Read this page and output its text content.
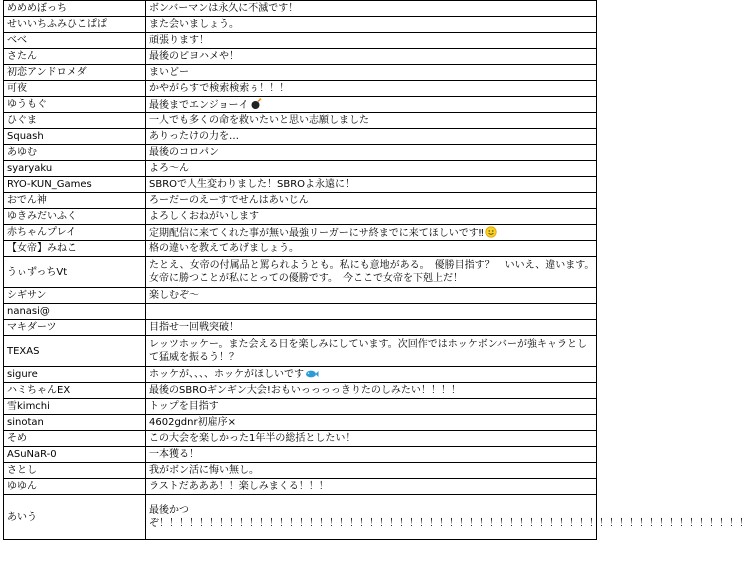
めめめぼっち	ボンバーマンは永久に不滅です！
せいいちふみひこぱぱ	また会いましょう。
べべ	頑張ります！
さたん	最後のピヨハメや！
初恋アンドロメダ	まいどー
可夜	かやがらすで検索検索ぅ！！！
ゆうもぐ	最後までエンジョーイ
ひぐま	一人でも多くの命を救いたいと思い志願しました
Squash	ありったけの力を…
あゆむ	最後のコロパン
syaryaku	よろ～ん
RYO-KUN_Games	SBROで人生変わりました！SBROよ永遠に！
おでん神	ろーだーのえーすでせんはあいじん
ゆきみだいふく	よろしくおねがいします
赤ちゃんプレイ	定期配信に来てくれた事が無い最強リーガーにサ終までに来てほしいです‼
【女帝】みねこ	格の違いを教えてあげましょう。
うぃずっちVt	たとえ、女帝の付属品と罵られようとも。私にも意地がある。　優勝目指す？　いいえ、違います。　女帝に勝つことが私にとっての優勝です。　今ここで女帝を下剋上だ！
シギサン	楽しむぞ～
nanasi@	
マキダーツ	目指せ一回戦突破！
TEXAS	レッツホッケー。また会える日を楽しみにしています。次回作ではホッケボンバーが強キャラとして猛威を振るう！？
sigure	ホッケが、、、、ホッケがほしいです
ハミちゃんEX	最後のSBROギンギン大会!おもいっっっっきりたのしみたい！！！！
雪kimchi	トップを目指す
sinotan	4602gdnr初雇序×
そめ	この大会を楽しかった1年半の総括としたい！
ASuNaR-0	一本獲る！
さとし	我がボン活に悔い無し。
ゆゆん	ラストだあああ！！楽しみまくる！！！
あいう	最後かつぞ！！！！！！！！！！！！！！！！！！！！！！！！！！！！！！！！！！！！！！！！！！！！！！！！！！！！！！！！！！！
